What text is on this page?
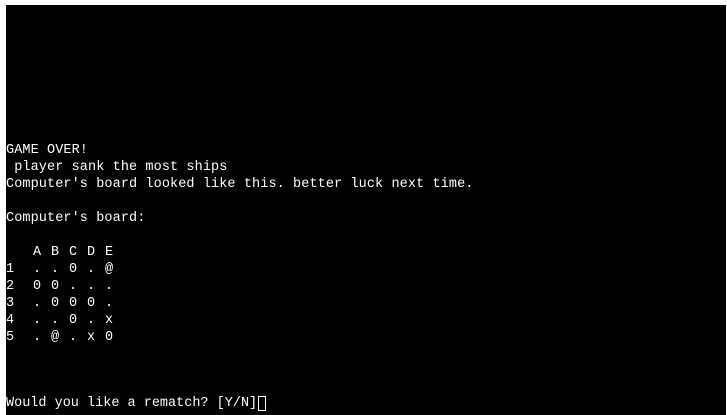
GAME OVER!
player sank the most ships
Computer's board looked like this. better luck next time.
Computer's board:

A

B

C

D

E

1

.

.

0

.

@

2

0

0

.

.

.

3

.

0

0

0

.

4

.

.

0

.

x

5

.

@

.

x

0

Would you like a rematch? [Y/N]
